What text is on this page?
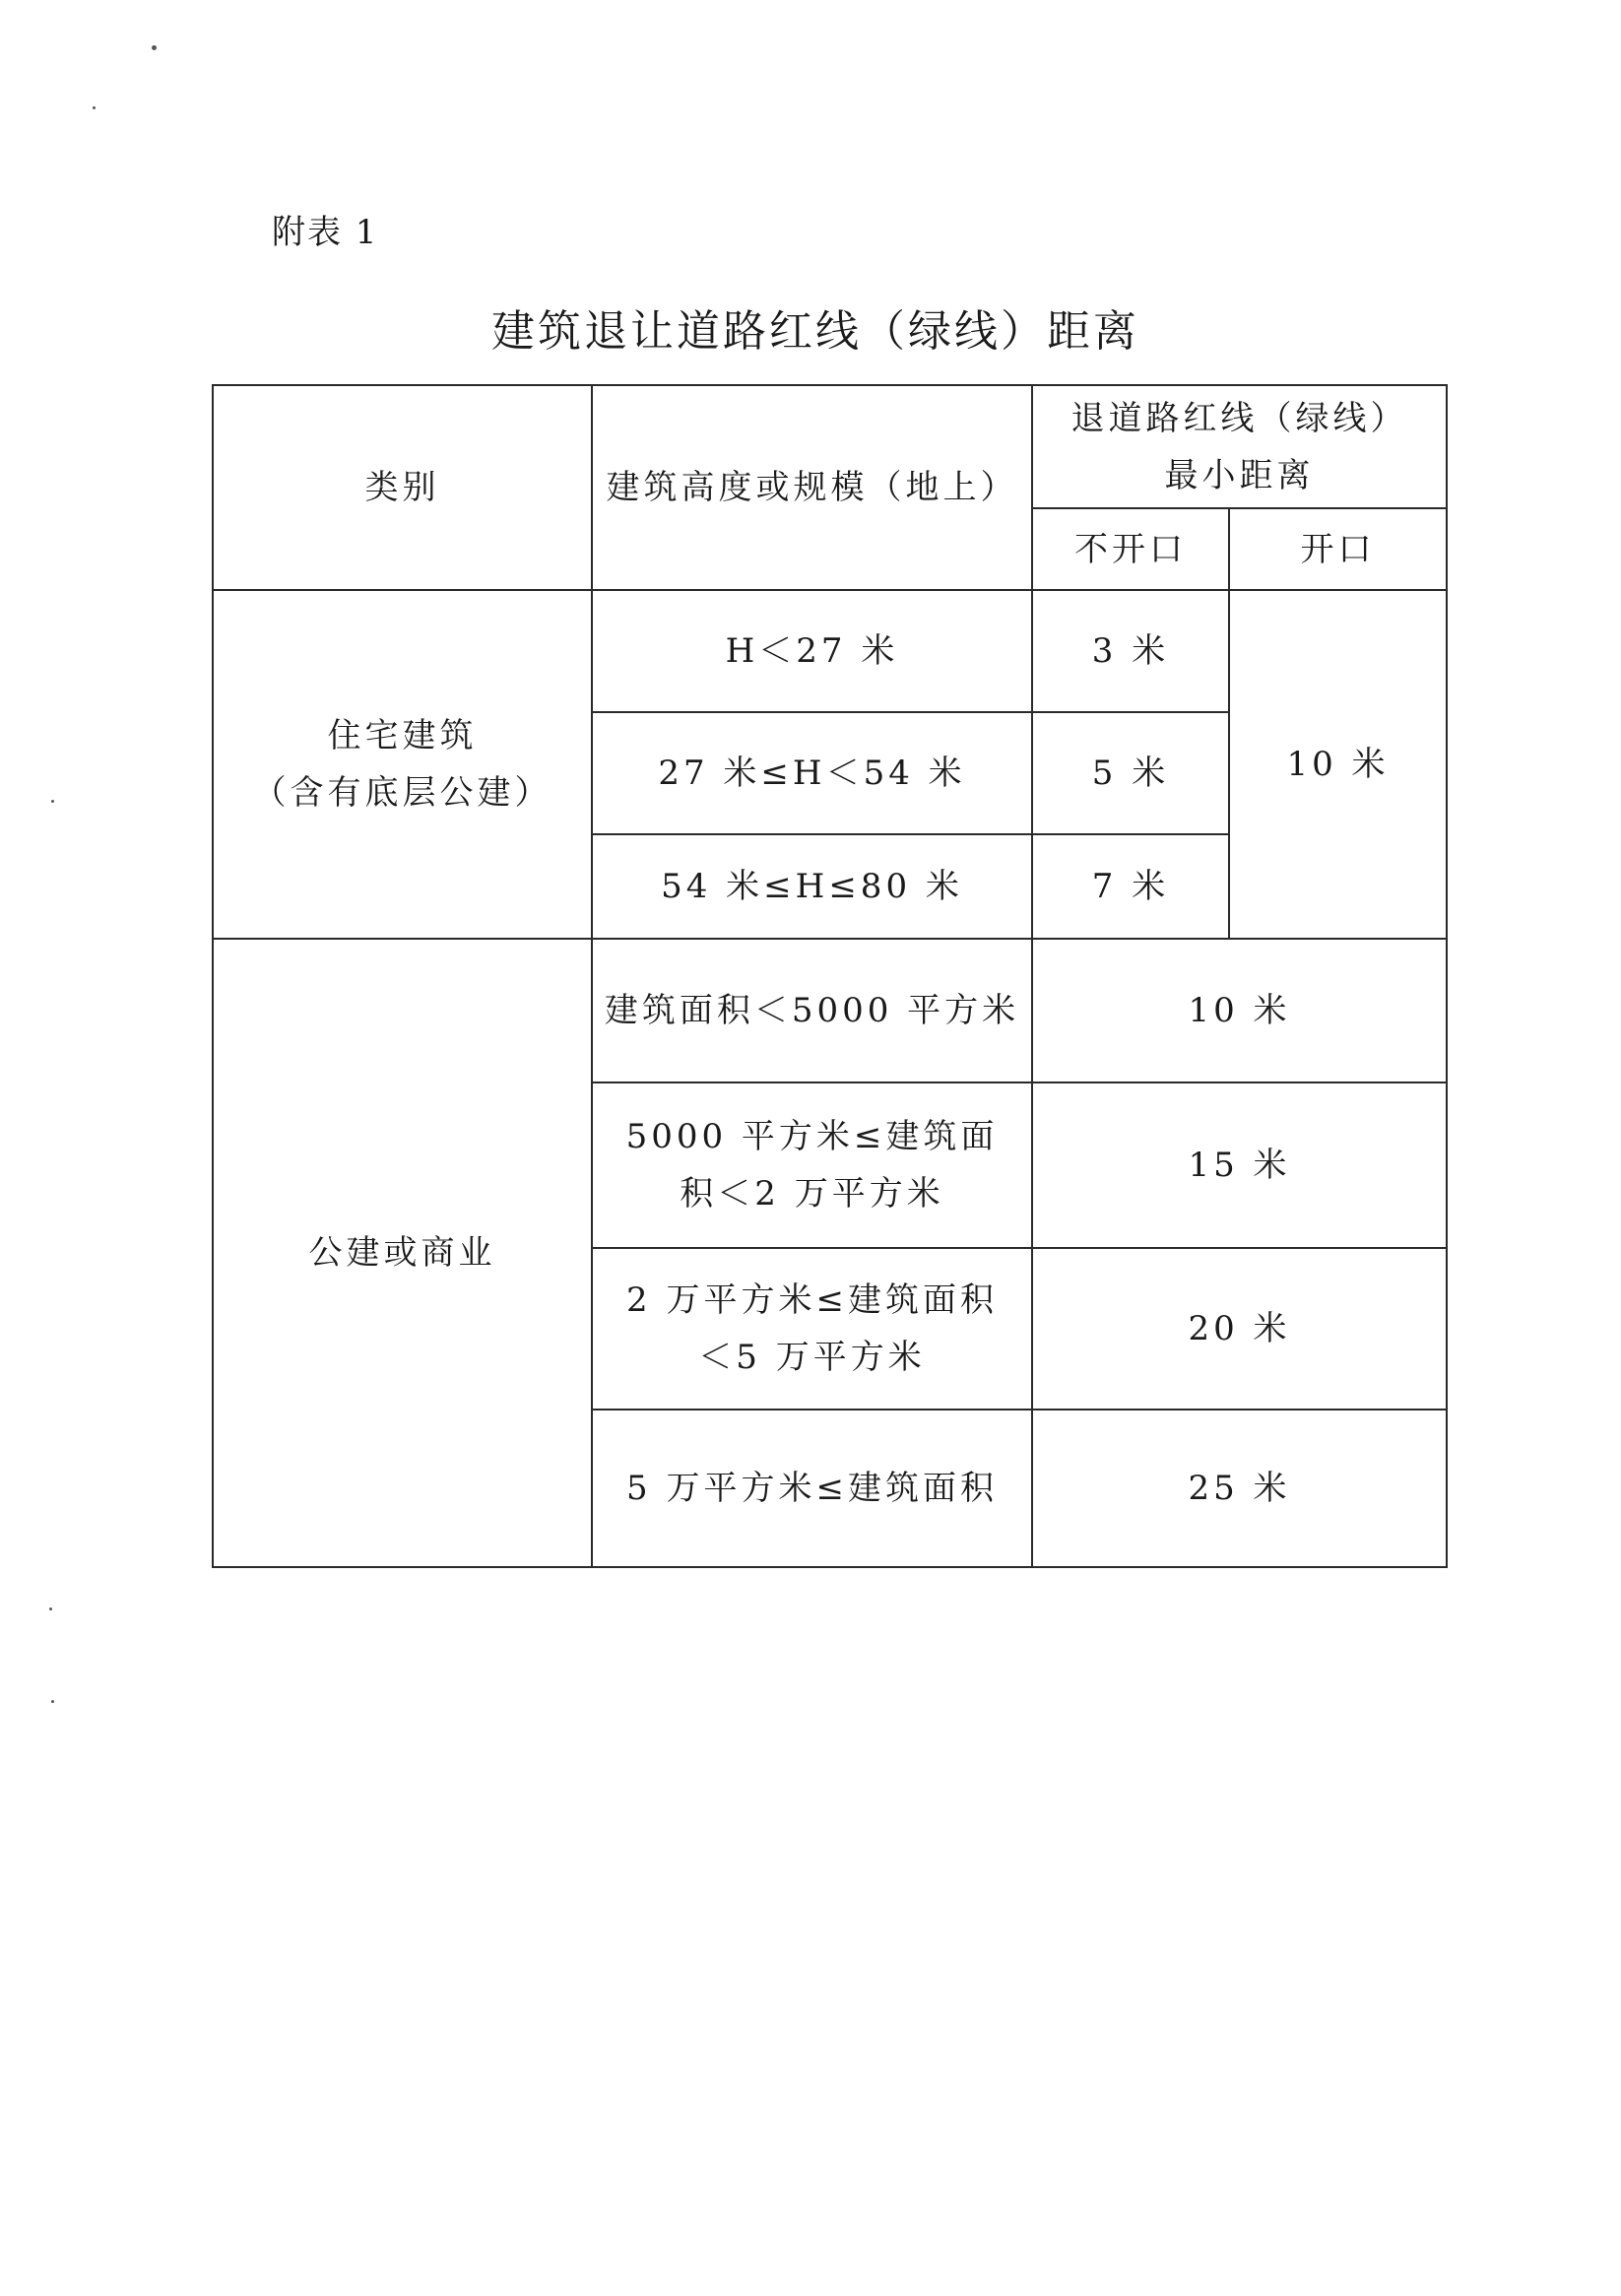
附表 1
建筑退让道路红线（绿线）距离
类别	建筑高度或规模（地上）	退道路红线（绿线）最小距离	
		不开口	开口

住宅建筑
（含有底层公建）	H＜27 米	3 米	10 米
	27 米≤H＜54 米	5 米	
	54 米≤H≤80 米	7 米	
公建或商业	建筑面积＜5000 平方米	10 米	
	5000 平方米≤建筑面积＜2 万平方米	15 米	
	2 万平方米≤建筑面积＜5 万平方米	20 米	
	5 万平方米≤建筑面积	25 米	
